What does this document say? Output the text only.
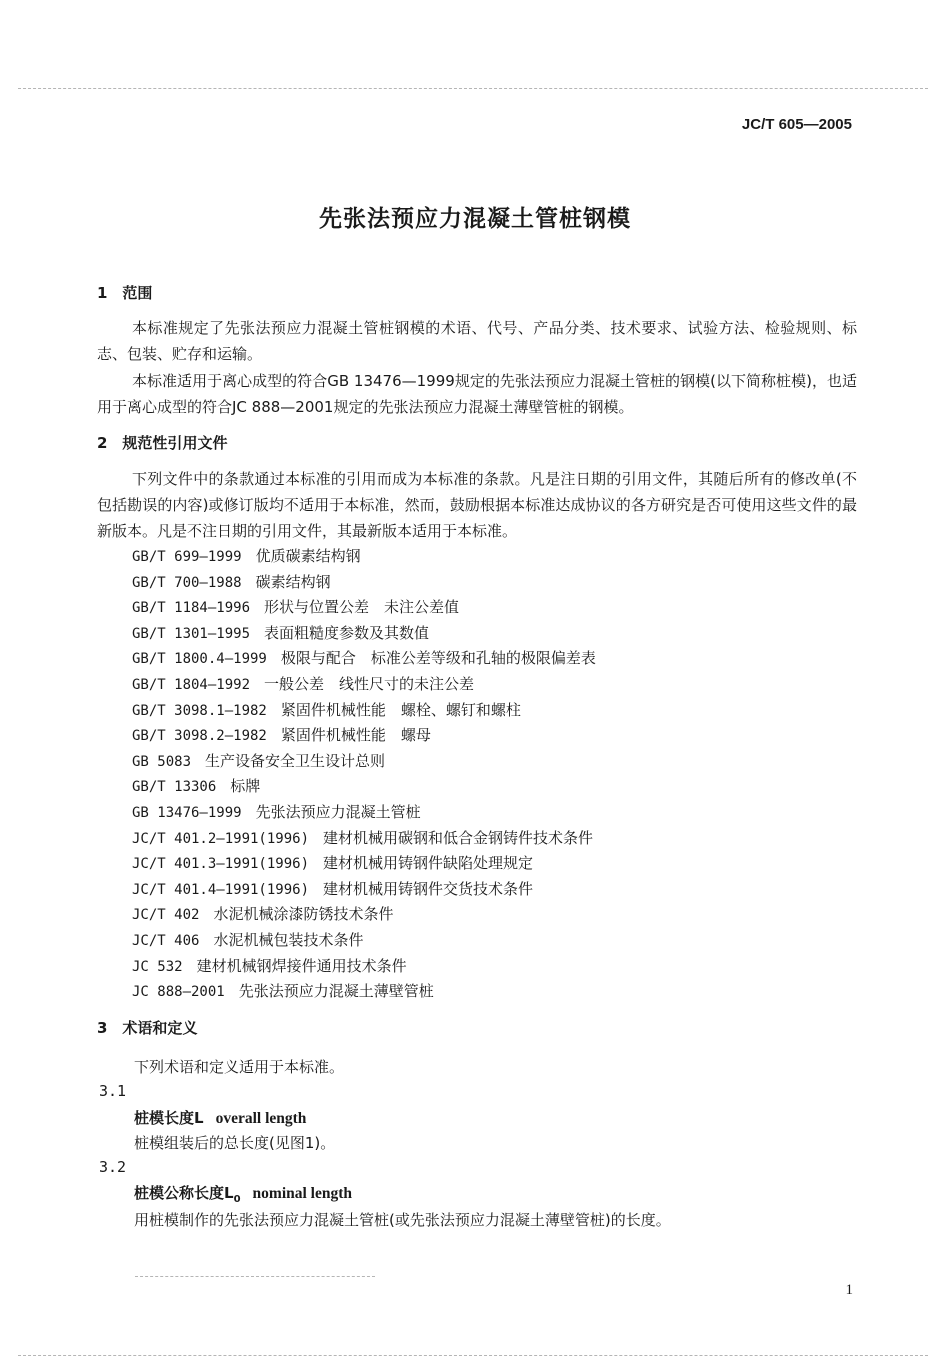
JC/T 605—2005
先张法预应力混凝土管桩钢模
1　范围

本标准规定了先张法预应力混凝土管桩钢模的术语、代号、产品分类、技术要求、试验方法、检验规则、标志、包装、贮存和运输。

本标准适用于离心成型的符合GB 13476—1999规定的先张法预应力混凝土管桩的钢模(以下简称桩模)，也适用于离心成型的符合JC 888—2001规定的先张法预应力混凝土薄壁管桩的钢模。

2　规范性引用文件

下列文件中的条款通过本标准的引用而成为本标准的条款。凡是注日期的引用文件，其随后所有的修改单(不包括勘误的内容)或修订版均不适用于本标准，然而，鼓励根据本标准达成协议的各方研究是否可使用这些文件的最新版本。凡是不注日期的引用文件，其最新版本适用于本标准。

GB/T 699—1999 优质碳素结构钢
GB/T 700—1988 碳素结构钢
GB/T 1184—1996 形状与位置公差　未注公差值
GB/T 1301—1995 表面粗糙度参数及其数值
GB/T 1800.4—1999 极限与配合　标准公差等级和孔轴的极限偏差表
GB/T 1804—1992 一般公差　线性尺寸的未注公差
GB/T 3098.1—1982 紧固件机械性能　螺栓、螺钉和螺柱
GB/T 3098.2—1982 紧固件机械性能　螺母
GB 5083 生产设备安全卫生设计总则
GB/T 13306 标牌
GB 13476—1999 先张法预应力混凝土管桩
JC/T 401.2—1991(1996) 建材机械用碳钢和低合金钢铸件技术条件
JC/T 401.3—1991(1996) 建材机械用铸钢件缺陷处理规定
JC/T 401.4—1991(1996) 建材机械用铸钢件交货技术条件
JC/T 402 水泥机械涂漆防锈技术条件
JC/T 406 水泥机械包装技术条件
JC 532 建材机械钢焊接件通用技术条件
JC 888—2001 先张法预应力混凝土薄壁管桩
3　术语和定义
下列术语和定义适用于本标准。
3.1
桩模长度L overall length
桩模组装后的总长度(见图1)。
3.2
桩模公称长度$L_0$ nominal length
用桩模制作的先张法预应力混凝土管桩(或先张法预应力混凝土薄壁管桩)的长度。
1
